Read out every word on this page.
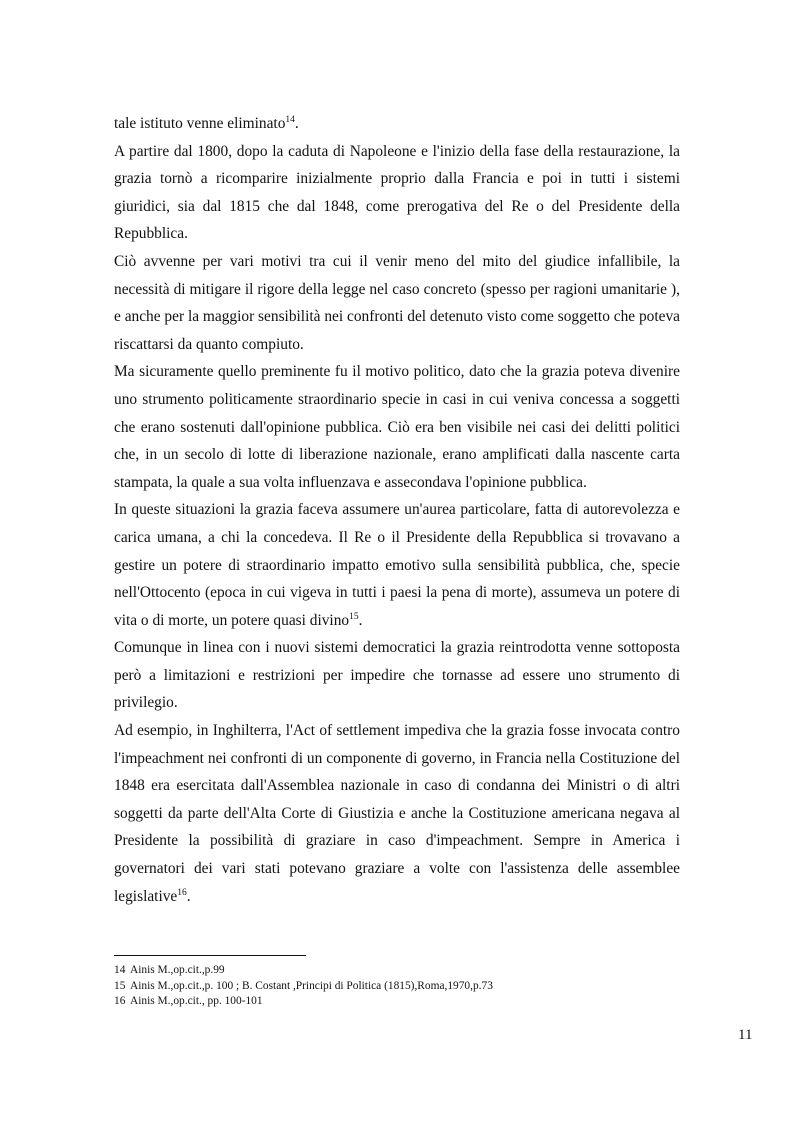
tale istituto venne eliminato$^{14}$.

A partire dal 1800, dopo la caduta di Napoleone e l'inizio della fase della restaurazione, la grazia tornò a ricomparire inizialmente proprio dalla Francia e poi in tutti i sistemi giuridici, sia dal 1815 che dal 1848, come prerogativa del Re o del Presidente della Repubblica.

Ciò avvenne per vari motivi tra cui il venir meno del mito del giudice infallibile, la necessità di mitigare il rigore della legge nel caso concreto (spesso per ragioni umanitarie ), e anche per la maggior sensibilità nei confronti del detenuto visto come soggetto che poteva riscattarsi da quanto compiuto.

Ma sicuramente quello preminente fu il motivo politico, dato che la grazia poteva divenire uno strumento politicamente straordinario specie in casi in cui veniva concessa a soggetti che erano sostenuti dall'opinione pubblica. Ciò era ben visibile nei casi dei delitti politici che, in un secolo di lotte di liberazione nazionale, erano amplificati dalla nascente carta stampata, la quale a sua volta influenzava e assecondava l'opinione pubblica.

In queste situazioni la grazia faceva assumere un'aurea particolare, fatta di autorevolezza e carica umana, a chi la concedeva. Il Re o il Presidente della Repubblica si trovavano a gestire un potere di straordinario impatto emotivo sulla sensibilità pubblica, che, specie nell'Ottocento (epoca in cui vigeva in tutti i paesi la pena di morte), assumeva un potere di vita o di morte, un potere quasi divino$^{15}$.

Comunque in linea con i nuovi sistemi democratici la grazia reintrodotta venne sottoposta però a limitazioni e restrizioni per impedire che tornasse ad essere uno strumento di privilegio.

Ad esempio, in Inghilterra, l'Act of settlement impediva che la grazia fosse invocata contro l'impeachment nei confronti di un componente di governo, in Francia nella Costituzione del 1848 era esercitata dall'Assemblea nazionale in caso di condanna dei Ministri o di altri soggetti da parte dell'Alta Corte di Giustizia e anche la Costituzione americana negava al Presidente la possibilità di graziare in caso d'impeachment. Sempre in America i governatori dei vari stati potevano graziare a volte con l'assistenza delle assemblee legislative$^{16}$.

14 Ainis M.,op.cit.,p.99
15 Ainis M.,op.cit.,p. 100 ; B. Costant ,Principi di Politica (1815),Roma,1970,p.73
16 Ainis M.,op.cit., pp. 100-101
11
